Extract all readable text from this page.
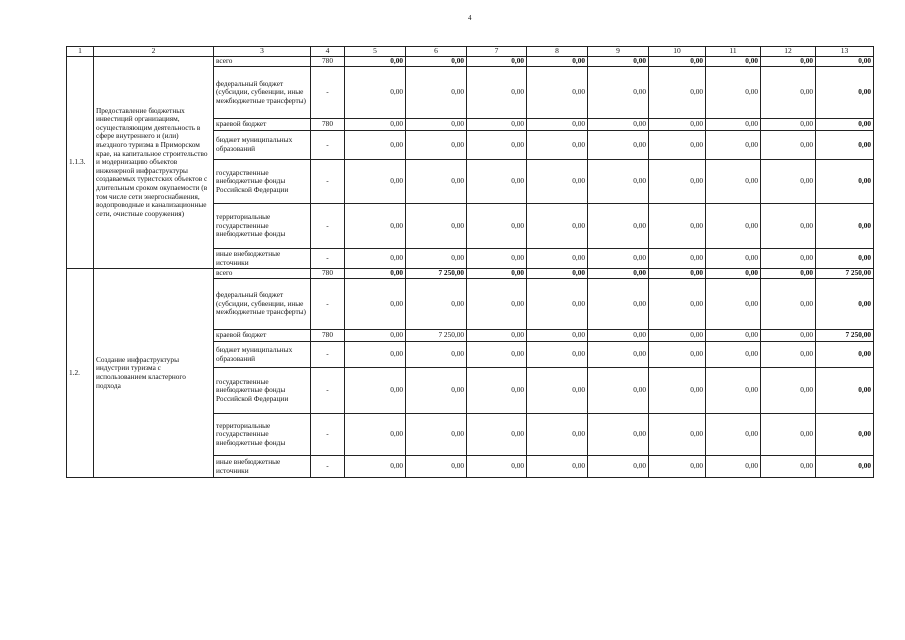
4
1	2	3	4	5	6	7	8	9	10	11	12	13
1.1.3.	Предоставление бюджетных инвестиций организациям, осуществляющим деятельность в сфере внутреннего и (или) въездного туризма в Приморском крае, на капитальное строительство и модернизацию объектов инженерной инфраструктуры создаваемых туристских объектов с длительным сроком окупаемости (в том числе сети энергоснабжения, водопроводные и канализационные сети, очистные сооружения)	всего	780	0,00	0,00	0,00	0,00	0,00	0,00	0,00	0,00	0,00
		федеральный бюджет (субсидии, субвенции, иные межбюджетные трансферты)	-	0,00	0,00	0,00	0,00	0,00	0,00	0,00	0,00	0,00
		краевой бюджет	780	0,00	0,00	0,00	0,00	0,00	0,00	0,00	0,00	0,00
		бюджет муниципальных образований	-	0,00	0,00	0,00	0,00	0,00	0,00	0,00	0,00	0,00
		государственные внебюджетные фонды Российской Федерации	-	0,00	0,00	0,00	0,00	0,00	0,00	0,00	0,00	0,00
		территориальные государственные внебюджетные фонды	-	0,00	0,00	0,00	0,00	0,00	0,00	0,00	0,00	0,00
		иные внебюджетные источники	-	0,00	0,00	0,00	0,00	0,00	0,00	0,00	0,00	0,00
1.2.	Создание инфраструктуры индустрии туризма с использованием кластерного подхода	всего	780	0,00	7 250,00	0,00	0,00	0,00	0,00	0,00	0,00	7 250,00
		федеральный бюджет (субсидии, субвенции, иные межбюджетные трансферты)	-	0,00	0,00	0,00	0,00	0,00	0,00	0,00	0,00	0,00
		краевой бюджет	780	0,00	7 250,00	0,00	0,00	0,00	0,00	0,00	0,00	7 250,00
		бюджет муниципальных образований	-	0,00	0,00	0,00	0,00	0,00	0,00	0,00	0,00	0,00
		государственные внебюджетные фонды Российской Федерации	-	0,00	0,00	0,00	0,00	0,00	0,00	0,00	0,00	0,00
		территориальные государственные внебюджетные фонды	-	0,00	0,00	0,00	0,00	0,00	0,00	0,00	0,00	0,00
		иные внебюджетные источники	-	0,00	0,00	0,00	0,00	0,00	0,00	0,00	0,00	0,00
